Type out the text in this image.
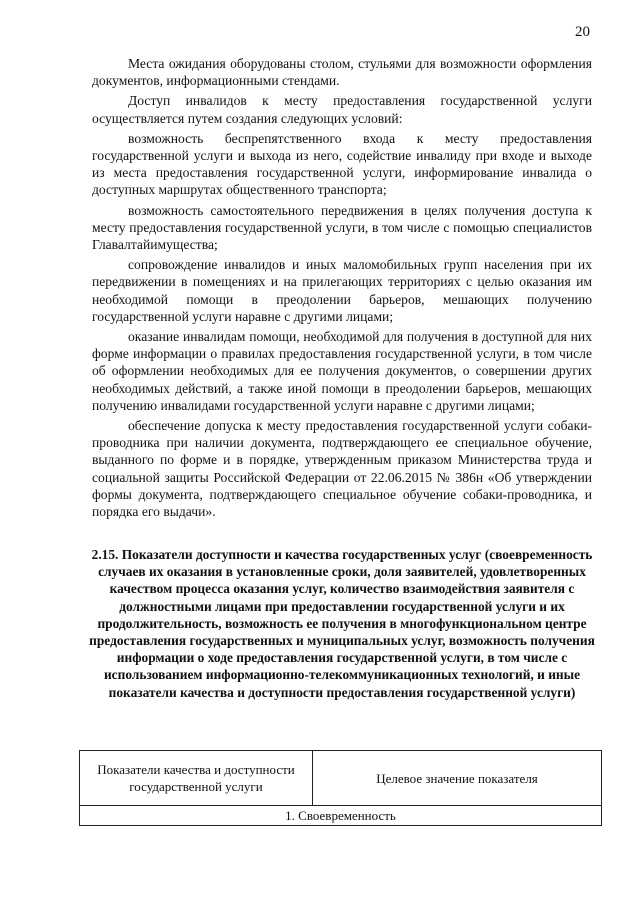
20

Места ожидания оборудованы столом, стульями для возможности оформления документов, информационными стендами.

Доступ инвалидов к месту предоставления государственной услуги осуществляется путем создания следующих условий:

возможность беспрепятственного входа к месту предоставления государственной услуги и выхода из него, содействие инвалиду при входе и выходе из места предоставления государственной услуги, информирование инвалида о доступных маршрутах общественного транспорта;

возможность самостоятельного передвижения в целях получения доступа к месту предоставления государственной услуги, в том числе с помощью специалистов Главалтайимущества;

сопровождение инвалидов и иных маломобильных групп населения при их передвижении в помещениях и на прилегающих территориях с целью оказания им необходимой помощи в преодолении барьеров, мешающих получению государственной услуги наравне с другими лицами;

оказание инвалидам помощи, необходимой для получения в доступной для них форме информации о правилах предоставления государственной услуги, в том числе об оформлении необходимых для ее получения документов, о совершении других необходимых действий, а также иной помощи в преодолении барьеров, мешающих получению инвалидами государственной услуги наравне с другими лицами;

обеспечение допуска к месту предоставления государственной услуги собаки-проводника при наличии документа, подтверждающего ее специальное обучение, выданного по форме и в порядке, утвержденным приказом Министерства труда и социальной защиты Российской Федерации от 22.06.2015 № 386н «Об утверждении формы документа, подтверждающего специальное обучение собаки-проводника, и порядка его выдачи».

2.15. Показатели доступности и качества государственных услуг (своевременность случаев их оказания в установленные сроки, доля заявителей, удовлетворенных качеством процесса оказания услуг, количество взаимодействия заявителя с должностными лицами при предоставлении государственной услуги и их продолжительность, возможность ее получения в многофункциональном центре предоставления государственных и муниципальных услуг, возможность получения информации о ходе предоставления государственной услуги, в том числе с использованием информационно-телекоммуникационных технологий, и иные показатели качества и доступности предоставления государственной услуги)

Показатели качества и доступности государственной услуги	Целевое значение показателя
1. Своевременность
